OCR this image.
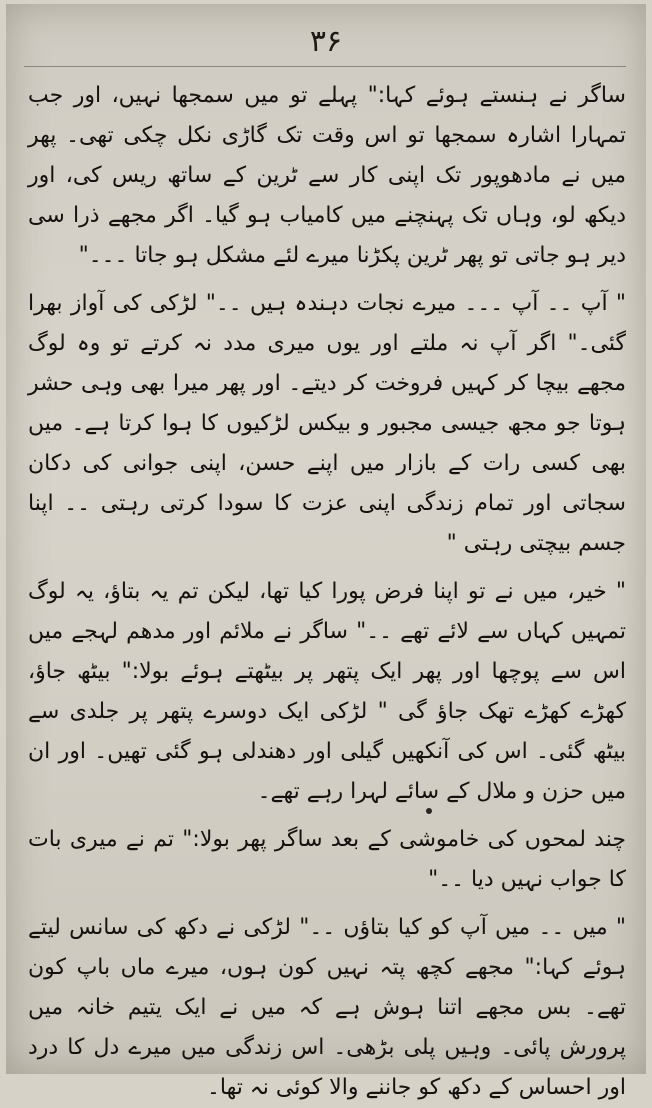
۳۶

ساگر نے ہنستے ہوئے کہا:" پہلے تو میں سمجھا نہیں، اور جب تمہارا اشارہ سمجھا تو اس وقت تک گاڑی نکل چکی تھی۔ پھر میں نے مادھوپور تک اپنی کار سے ٹرین کے ساتھ ریس کی، اور دیکھ لو، وہاں تک پہنچنے میں کامیاب ہو گیا۔ اگر مجھے ذرا سی دیر ہو جاتی تو پھر ٹرین پکڑنا میرے لئے مشکل ہو جاتا ۔۔۔"

" آپ ۔۔ آپ ۔۔۔ میرے نجات دہندہ ہیں ۔۔" لڑکی کی آواز بھرا گئی۔" اگر آپ نہ ملتے اور یوں میری مدد نہ کرتے تو وہ لوگ مجھے بیچا کر کہیں فروخت کر دیتے۔ اور پھر میرا بھی وہی حشر ہوتا جو مجھ جیسی مجبور و بیکس لڑکیوں کا ہوا کرتا ہے۔ میں بھی کسی رات کے بازار میں اپنے حسن، اپنی جوانی کی دکان سجاتی اور تمام زندگی اپنی عزت کا سودا کرتی رہتی ۔۔ اپنا جسم بیچتی رہتی "

" خیر، میں نے تو اپنا فرض پورا کیا تھا، لیکن تم یہ بتاؤ، یہ لوگ تمہیں کہاں سے لائے تھے ۔۔" ساگر نے ملائم اور مدھم لہجے میں اس سے پوچھا اور پھر ایک پتھر پر بیٹھتے ہوئے بولا:" بیٹھ جاؤ، کھڑے کھڑے تھک جاؤ گی " لڑکی ایک دوسرے پتھر پر جلدی سے بیٹھ گئی۔ اس کی آنکھیں گیلی اور دھندلی ہو گئی تھیں۔ اور ان میں حزن و ملال کے سائے لہرا رہے تھے۔

چند لمحوں کی خاموشی کے بعد ساگر پھر بولا:" تم نے میری بات کا جواب نہیں دیا ۔۔"

" میں ۔۔ میں آپ کو کیا بتاؤں ۔۔" لڑکی نے دکھ کی سانس لیتے ہوئے کہا:" مجھے کچھ پتہ نہیں کون ہوں، میرے ماں باپ کون تھے۔ بس مجھے اتنا ہوش ہے کہ میں نے ایک یتیم خانہ میں پرورش پائی۔ وہیں پلی بڑھی۔ اس زندگی میں میرے دل کا درد اور احساس کے دکھ کو جاننے والا کوئی نہ تھا۔
